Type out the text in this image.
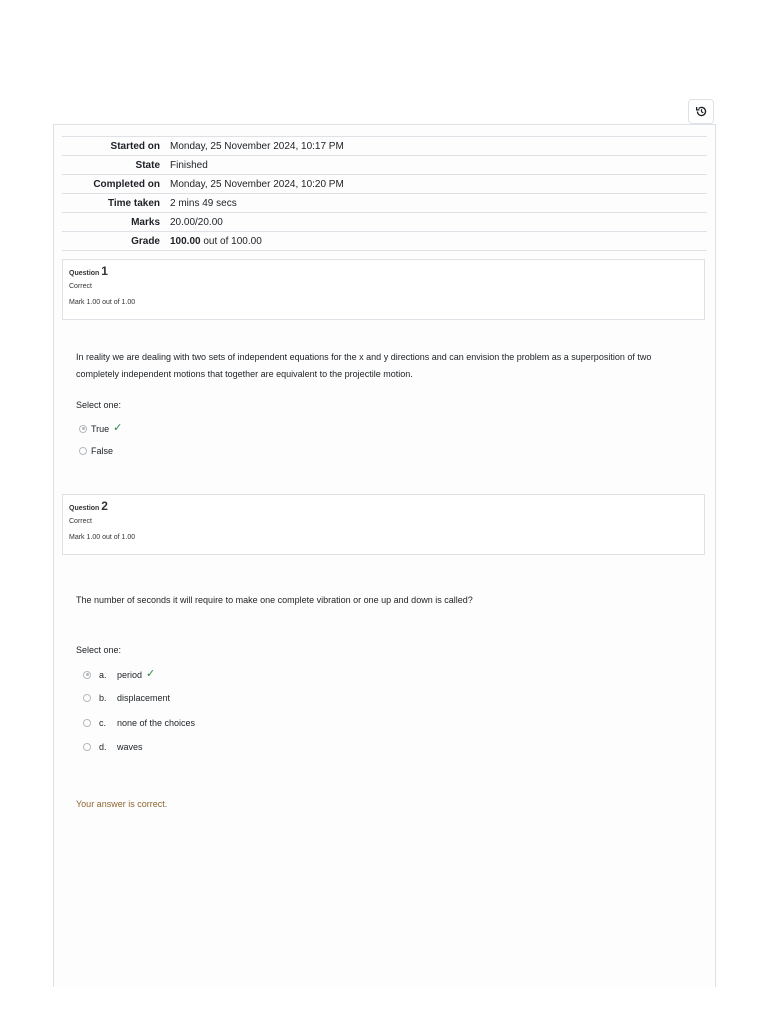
Started on	Monday, 25 November 2024, 10:17 PM
State	Finished
Completed on	Monday, 25 November 2024, 10:20 PM
Time taken	2 mins 49 secs
Marks	20.00/20.00
Grade	100.00 out of 100.00
Question 1
Correct
Mark 1.00 out of 1.00
In reality we are dealing with two sets of independent equations for the x and y directions and can envision the problem as a superposition of two completely independent motions that together are equivalent to the projectile motion.
Select one:
True ✓
False
Question 2
Correct
Mark 1.00 out of 1.00
The number of seconds it will require to make one complete vibration or one up and down is called?
Select one:
a.	period ✓
b.	displacement
c.	none of the choices
d.	waves
Your answer is correct.
